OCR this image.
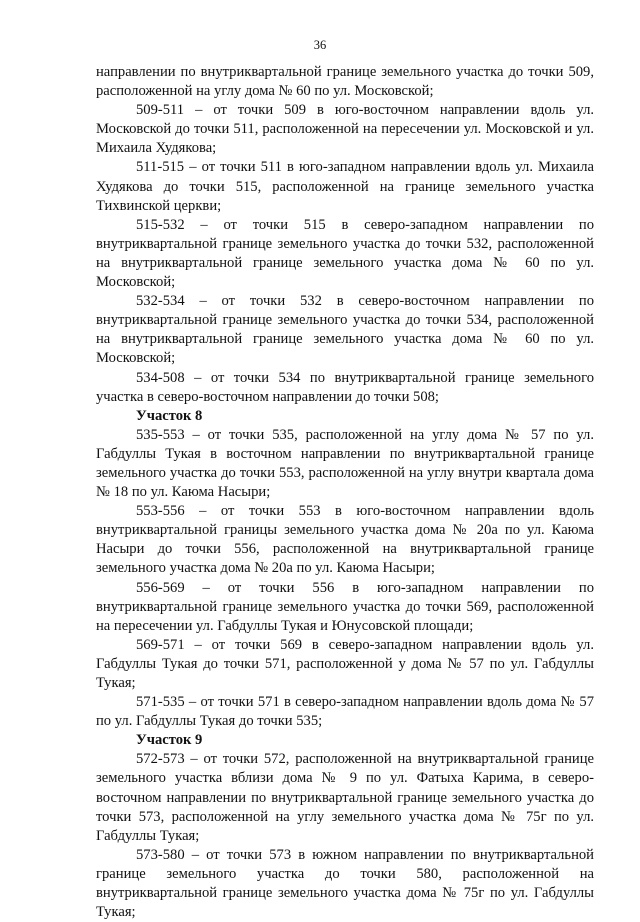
36

направлении по внутриквартальной границе земельного участка до точки 509, расположенной на углу дома № 60 по ул. Московской;

509-511 – от точки 509 в юго-восточном направлении вдоль ул. Московской до точки 511, расположенной на пересечении ул. Московской и ул. Михаила Худякова;

511-515 – от точки 511 в юго-западном направлении вдоль ул. Михаила Худякова до точки 515, расположенной на границе земельного участка Тихвинской церкви;

515-532 – от точки 515 в северо-западном направлении по внутриквартальной границе земельного участка до точки 532, расположенной на внутриквартальной границе земельного участка дома № 60 по ул. Московской;

532-534 – от точки 532 в северо-восточном направлении по внутриквартальной границе земельного участка до точки 534, расположенной на внутриквартальной границе земельного участка дома № 60 по ул. Московской;

534-508 – от точки 534 по внутриквартальной границе земельного участка в северо-восточном направлении до точки 508;

Участок 8

535-553 – от точки 535, расположенной на углу дома № 57 по ул. Габдуллы Тукая в восточном направлении по внутриквартальной границе земельного участка до точки 553, расположенной на углу внутри квартала дома № 18 по ул. Каюма Насыри;

553-556 – от точки 553 в юго-восточном направлении вдоль внутриквартальной границы земельного участка дома № 20а по ул. Каюма Насыри до точки 556, расположенной на внутриквартальной границе земельного участка дома № 20а по ул. Каюма Насыри;

556-569 – от точки 556 в юго-западном направлении по внутриквартальной границе земельного участка до точки 569, расположенной на пересечении ул. Габдуллы Тукая и Юнусовской площади;

569-571 – от точки 569 в северо-западном направлении вдоль ул. Габдуллы Тукая до точки 571, расположенной у дома № 57 по ул. Габдуллы Тукая;

571-535 – от точки 571 в северо-западном направлении вдоль дома № 57 по ул. Габдуллы Тукая до точки 535;

Участок 9

572-573 – от точки 572, расположенной на внутриквартальной границе земельного участка вблизи дома № 9 по ул. Фатыха Карима, в северо-восточном направлении по внутриквартальной границе земельного участка до точки 573, расположенной на углу земельного участка дома № 75г по ул. Габдуллы Тукая;

573-580 – от точки 573 в южном направлении по внутриквартальной границе земельного участка до точки 580, расположенной на внутриквартальной границе земельного участка дома № 75г по ул. Габдуллы Тукая;
